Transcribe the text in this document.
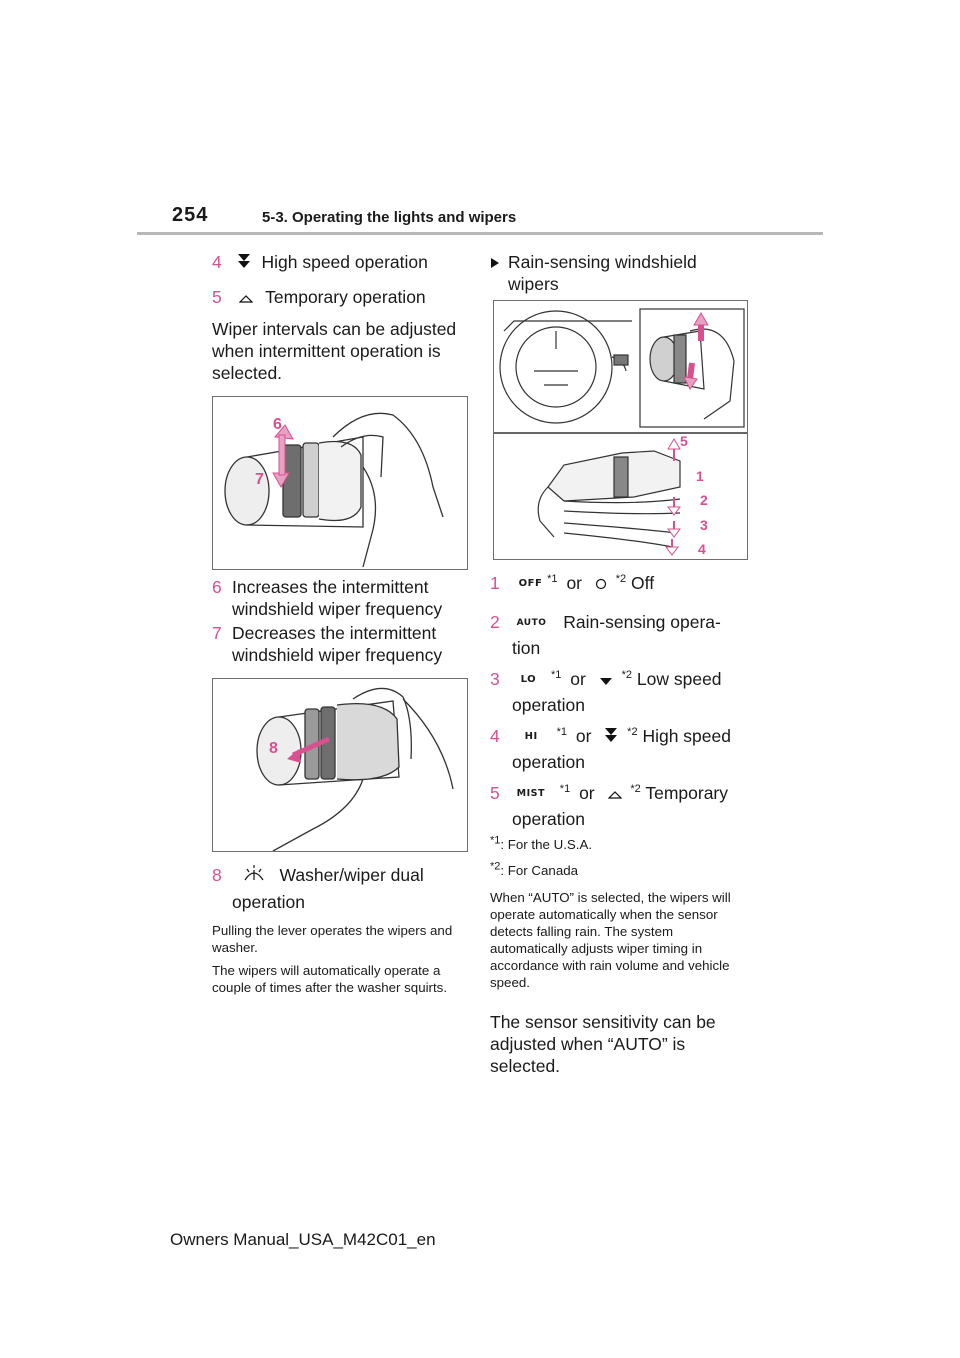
254	5-3. Operating the lights and wipers
4 High speed operation
5 Temporary operation
Wiper intervals can be adjusted when intermittent operation is selected.
6
7
6 Increases the intermittent windshield wiper frequency
7 Decreases the intermittent windshield wiper frequency
8
8	Washer/wiper dual
operation
Pulling the lever operates the wipers and washer.
The wipers will automatically operate a couple of times after the washer squirts.
Rain-sensing windshield wipers
5
1
2
3
4
1 OFF $^{*1}$ or	$^{*2}$ Off
2 AUTO Rain-sensing opera-
tion
3 LO $^{*1}$ or	$^{*2}$ Low speed
operation
4 HI $^{*1}$ or	$^{*2}$ High speed
operation
5 MIST $^{*1}$ or	$^{*2}$ Temporary
operation
$^{*1}$: For the U.S.A.
$^{*2}$: For Canada
When “AUTO” is selected, the wipers will operate automatically when the sensor detects falling rain. The system automatically adjusts wiper timing in accordance with rain volume and vehicle speed.
The sensor sensitivity can be adjusted when “AUTO” is selected.
Owners Manual_USA_M42C01_en
